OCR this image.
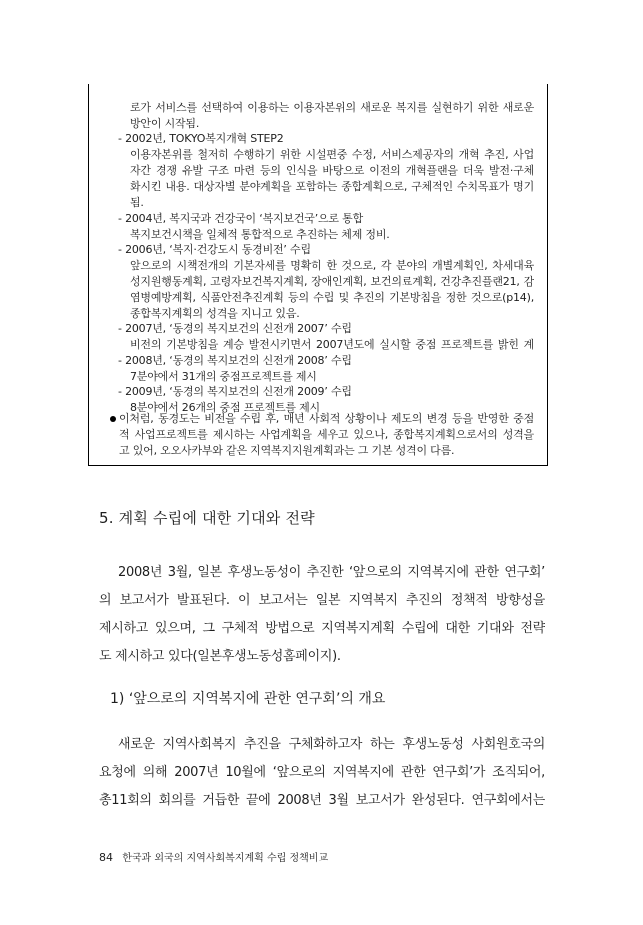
로가 서비스를 선택하여 이용하는 이용자본위의 새로운 복지를 실현하기 위한 새로운
방안이 시작됨.
- 2002년, TOKYO복지개혁 STEP2
이용자본위를 철저히 수행하기 위한 시설편중 수정, 서비스제공자의 개혁 추진, 사업
자간 경쟁 유발 구조 마련 등의 인식을 바탕으로 이전의 개혁플랜을 더욱 발전·구체
화시킨 내용. 대상자별 분야계획을 포함하는 종합계획으로, 구체적인 수치목표가 명기
됨.
- 2004년, 복지국과 건강국이 ‘복지보건국’으로 통합
복지보건시책을 일체적 통합적으로 추진하는 체제 정비.
- 2006년, ‘복지·건강도시 동경비전’ 수립
앞으로의 시책전개의 기본자세를 명확히 한 것으로, 각 분야의 개별계획인, 차세대육
성지원행동계획, 고령자보건복지계획, 장애인계획, 보건의료계획, 건강추진플랜21, 감
염병예방계획, 식품안전추진계획 등의 수립 및 추진의 기본방침을 정한 것으로(p14),
종합복지계획의 성격을 지니고 있음.
- 2007년, ‘동경의 복지보건의 신전개 2007’ 수립
비전의 기본방침을 계승 발전시키면서 2007년도에 실시할 중점 프로젝트를 밝힌 계
- 2008년, ‘동경의 복지보건의 신전개 2008’ 수립
7분야에서 31개의 중점프로젝트를 제시
- 2009년, ‘동경의 복지보건의 신전개 2009’ 수립
8분야에서 26개의 중점 프로젝트를 제시
이처럼, 동경도는 비전을 수립 후, 매년 사회적 상황이나 제도의 변경 등을 반영한 중점
적 사업프로젝트를 제시하는 사업계획을 세우고 있으나, 종합복지계획으로서의 성격을
고 있어, 오오사카부와 같은 지역복지지원계획과는 그 기본 성격이 다름.
5. 계획 수립에 대한 기대와 전략
2008년 3월, 일본 후생노동성이 추진한 ‘앞으로의 지역복지에 관한 연구회’
의 보고서가 발표된다. 이 보고서는 일본 지역복지 추진의 정책적 방향성을
제시하고 있으며, 그 구체적 방법으로 지역복지계획 수립에 대한 기대와 전략
도 제시하고 있다(일본후생노동성홈페이지).
1) ‘앞으로의 지역복지에 관한 연구회’의 개요
새로운 지역사회복지 추진을 구체화하고자 하는 후생노동성 사회원호국의
요청에 의해 2007년 10월에 ‘앞으로의 지역복지에 관한 연구회’가 조직되어,
총11회의 회의를 거듭한 끝에 2008년 3월 보고서가 완성된다. 연구회에서는
84 한국과 외국의 지역사회복지계획 수립 정책비교
